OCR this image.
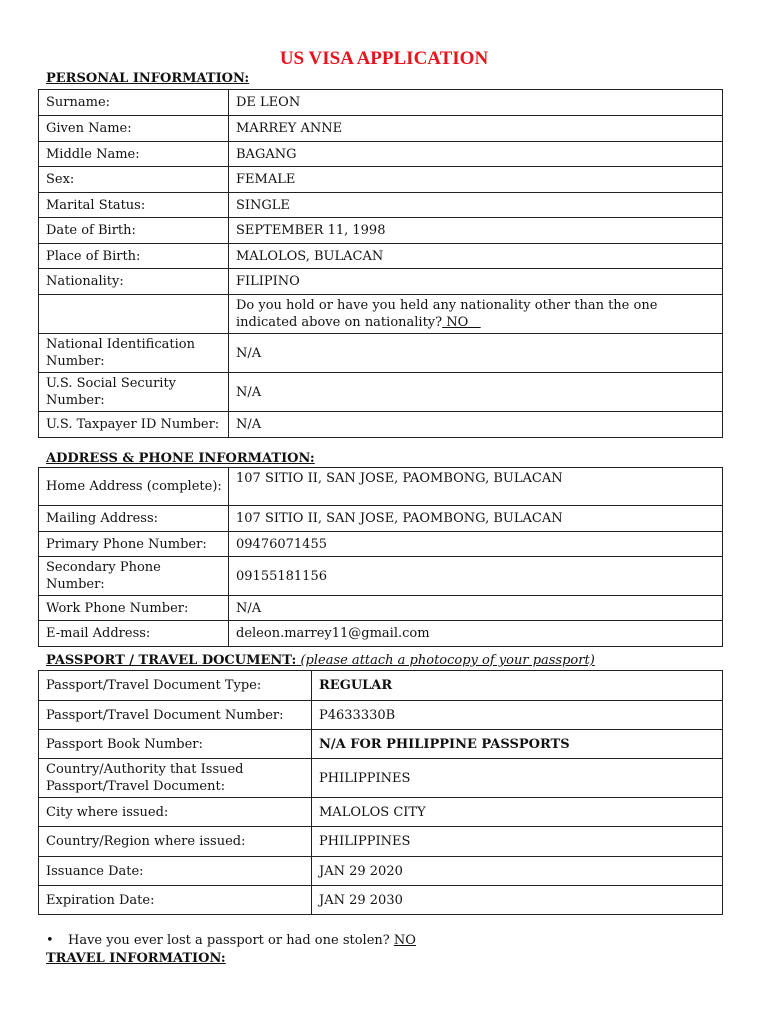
US VISA APPLICATION
PERSONAL INFORMATION:
Surname:	DE LEON
Given Name:	MARREY ANNE
Middle Name:	BAGANG
Sex:	FEMALE
Marital Status:	SINGLE
Date of Birth:	SEPTEMBER 11, 1998
Place of Birth:	MALOLOS, BULACAN
Nationality:	FILIPINO
	Do you hold or have you held any nationality other than the one indicated above on nationality? NO
National Identification Number:	N/A
U.S. Social Security Number:	N/A
U.S. Taxpayer ID Number:	N/A
ADDRESS & PHONE INFORMATION:
Home Address (complete):	107 SITIO II, SAN JOSE, PAOMBONG, BULACAN
Mailing Address:	107 SITIO II, SAN JOSE, PAOMBONG, BULACAN
Primary Phone Number:	09476071455
Secondary Phone Number:	09155181156
Work Phone Number:	N/A
E-mail Address:	deleon.marrey11@gmail.com
PASSPORT / TRAVEL DOCUMENT: (please attach a photocopy of your passport)
Passport/Travel Document Type:	REGULAR
Passport/Travel Document Number:	P4633330B
Passport Book Number:	N/A FOR PHILIPPINE PASSPORTS
Country/Authority that Issued Passport/Travel Document:	PHILIPPINES
City where issued:	MALOLOS CITY
Country/Region where issued:	PHILIPPINES
Issuance Date:	JAN 29 2020
Expiration Date:	JAN 29 2030
• Have you ever lost a passport or had one stolen? NO
TRAVEL INFORMATION:
